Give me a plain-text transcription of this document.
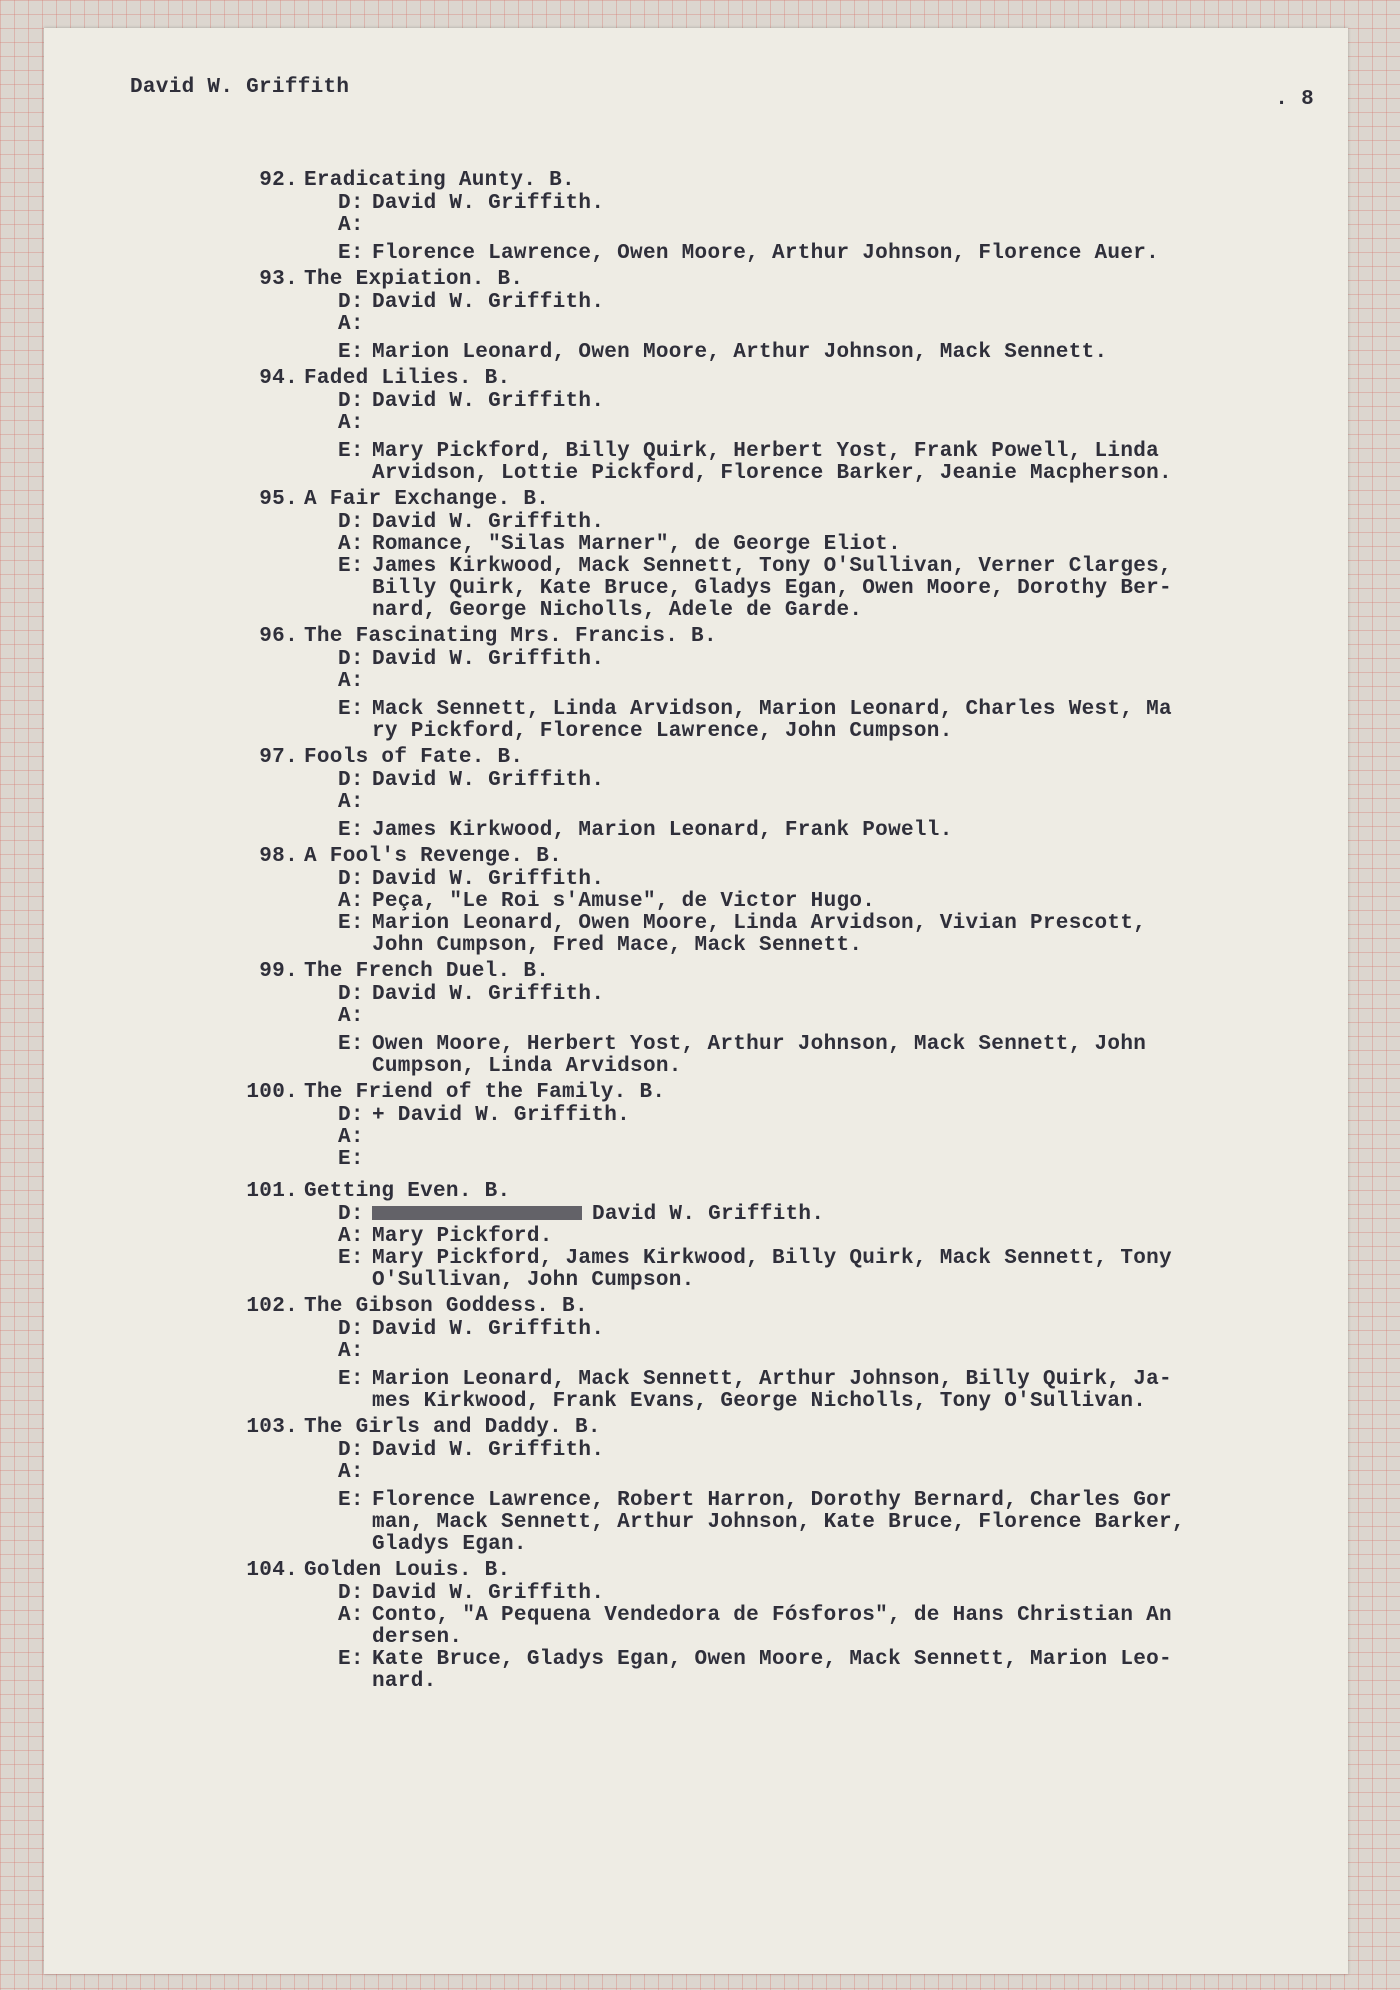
David W. Griffith
. 8
92. Eradicating Aunty. B.
D: David W. Griffith.
A:
E: Florence Lawrence, Owen Moore, Arthur Johnson, Florence Auer.
93. The Expiation. B.
D: David W. Griffith.
A:
E: Marion Leonard, Owen Moore, Arthur Johnson, Mack Sennett.
94. Faded Lilies. B.
D: David W. Griffith.
A:
E: Mary Pickford, Billy Quirk, Herbert Yost, Frank Powell, Linda
Arvidson, Lottie Pickford, Florence Barker, Jeanie Macpherson.
95. A Fair Exchange. B.
D: David W. Griffith.
A: Romance, "Silas Marner", de George Eliot.
E: James Kirkwood, Mack Sennett, Tony O'Sullivan, Verner Clarges,
Billy Quirk, Kate Bruce, Gladys Egan, Owen Moore, Dorothy Ber-
nard, George Nicholls, Adele de Garde.
96. The Fascinating Mrs. Francis. B.
D: David W. Griffith.
A:
E: Mack Sennett, Linda Arvidson, Marion Leonard, Charles West, Ma
ry Pickford, Florence Lawrence, John Cumpson.
97. Fools of Fate. B.
D: David W. Griffith.
A:
E: James Kirkwood, Marion Leonard, Frank Powell.
98. A Fool's Revenge. B.
D: David W. Griffith.
A: Peça, "Le Roi s'Amuse", de Victor Hugo.
E: Marion Leonard, Owen Moore, Linda Arvidson, Vivian Prescott,
John Cumpson, Fred Mace, Mack Sennett.
99. The French Duel. B.
D: David W. Griffith.
A:
E: Owen Moore, Herbert Yost, Arthur Johnson, Mack Sennett, John
Cumpson, Linda Arvidson.
100. The Friend of the Family. B.
D: + David W. Griffith.
A:
E:
101. Getting Even. B.
D:	David W. Griffith.
A: Mary Pickford.
E: Mary Pickford, James Kirkwood, Billy Quirk, Mack Sennett, Tony
O'Sullivan, John Cumpson.
102. The Gibson Goddess. B.
D: David W. Griffith.
A:
E: Marion Leonard, Mack Sennett, Arthur Johnson, Billy Quirk, Ja-
mes Kirkwood, Frank Evans, George Nicholls, Tony O'Sullivan.
103. The Girls and Daddy. B.
D: David W. Griffith.
A:
E: Florence Lawrence, Robert Harron, Dorothy Bernard, Charles Gor
man, Mack Sennett, Arthur Johnson, Kate Bruce, Florence Barker,
Gladys Egan.
104. Golden Louis. B.
D: David W. Griffith.
A: Conto, "A Pequena Vendedora de Fósforos", de Hans Christian An
dersen.
E: Kate Bruce, Gladys Egan, Owen Moore, Mack Sennett, Marion Leo-
nard.
